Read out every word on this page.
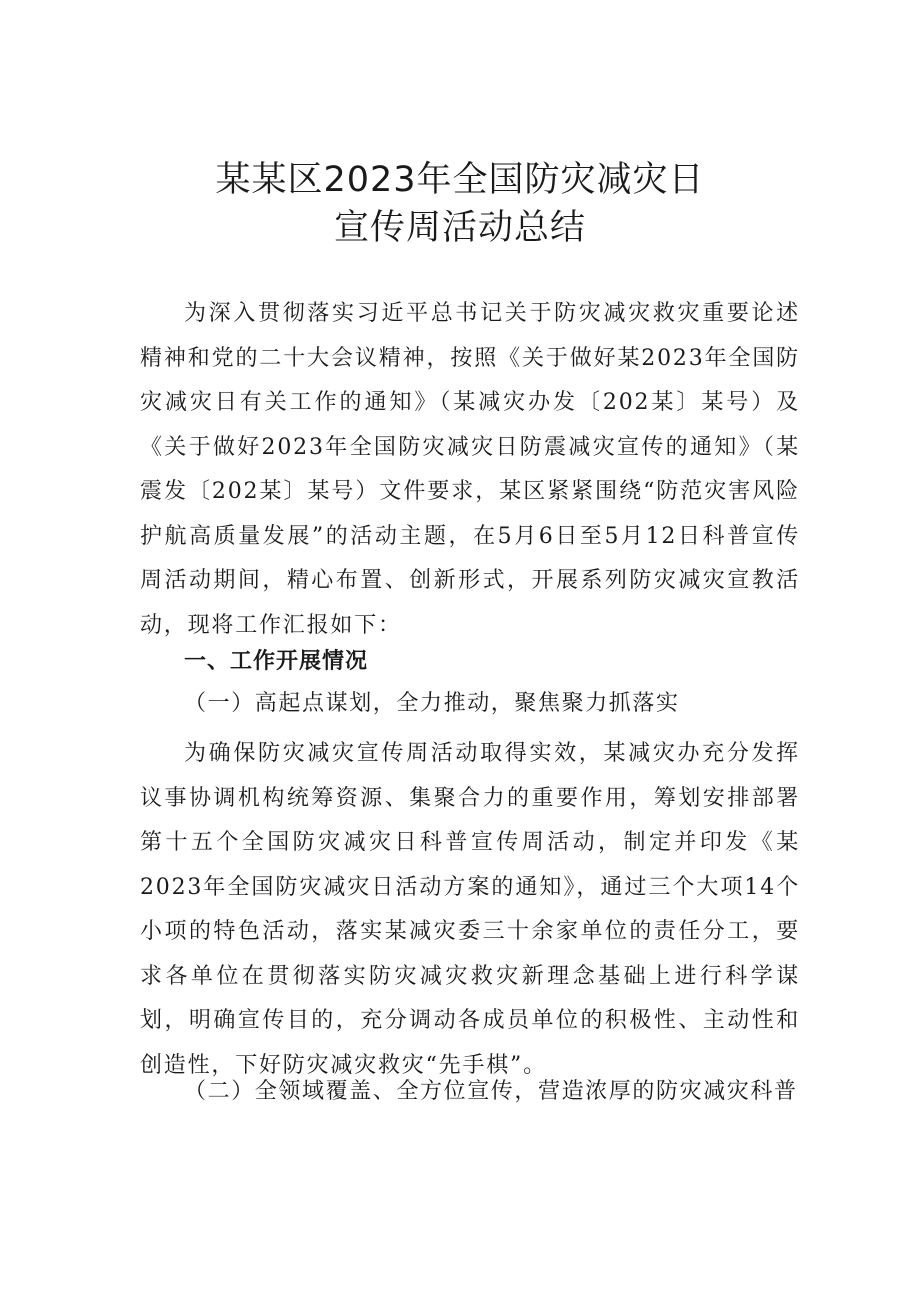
某某区2023年全国防灾减灾日
宣传周活动总结

为深入贯彻落实习近平总书记关于防灾减灾救灾重要论述精神和党的二十大会议精神，按照《关于做好某2023年全国防灾减灾日有关工作的通知》（某减灾办发〔202某〕某号）及《关于做好2023年全国防灾减灾日防震减灾宣传的通知》（某震发〔202某〕某号）文件要求，某区紧紧围绕“防范灾害风险护航高质量发展”的活动主题，在5月6日至5月12日科普宣传周活动期间，精心布置、创新形式，开展系列防灾减灾宣教活动，现将工作汇报如下：

一、工作开展情况
（一）高起点谋划，全力推动，聚焦聚力抓落实

为确保防灾减灾宣传周活动取得实效，某减灾办充分发挥议事协调机构统筹资源、集聚合力的重要作用，筹划安排部署第十五个全国防灾减灾日科普宣传周活动，制定并印发《某2023年全国防灾减灾日活动方案的通知》，通过三个大项14个小项的特色活动，落实某减灾委三十余家单位的责任分工，要求各单位在贯彻落实防灾减灾救灾新理念基础上进行科学谋划，明确宣传目的，充分调动各成员单位的积极性、主动性和创造性，下好防灾减灾救灾“先手棋”。

（二）全领域覆盖、全方位宣传，营造浓厚的防灾减灾科普
